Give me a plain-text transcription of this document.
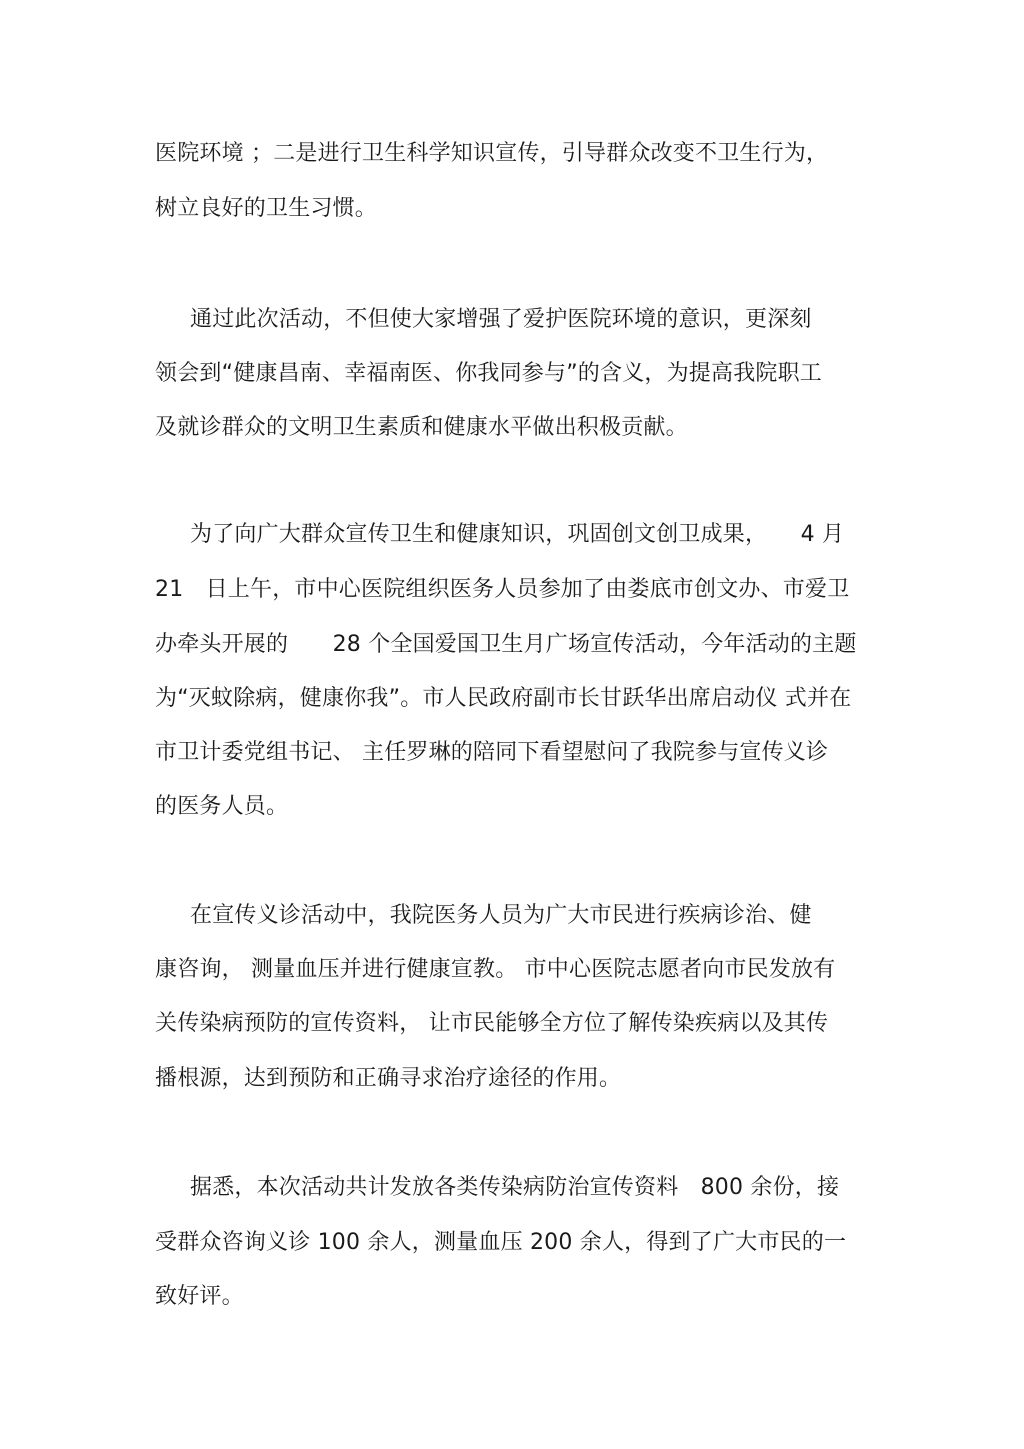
医院环境 ；二是进行卫生科学知识宣传，引导群众改变不卫生行为，

树立良好的卫生习惯。

通过此次活动，不但使大家增强了爱护医院环境的意识，更深刻

领会到“健康昌南、幸福南医、你我同参与”的含义，为提高我院职工

及就诊群众的文明卫生素质和健康水平做出积极贡献。

为了向广大群众宣传卫生和健康知识，巩固创文创卫成果，　　4 月

21　日上午，市中心医院组织医务人员参加了由娄底市创文办、市爱卫

办牵头开展的　　28 个全国爱国卫生月广场宣传活动，今年活动的主题

为“灭蚊除病，健康你我”。市人民政府副市长甘跃华出席启动仪 式并在

市卫计委党组书记、 主任罗琳的陪同下看望慰问了我院参与宣传义诊

的医务人员。

在宣传义诊活动中，我院医务人员为广大市民进行疾病诊治、健

康咨询， 测量血压并进行健康宣教。 市中心医院志愿者向市民发放有

关传染病预防的宣传资料， 让市民能够全方位了解传染疾病以及其传

播根源，达到预防和正确寻求治疗途径的作用。

据悉，本次活动共计发放各类传染病防治宣传资料　800 余份，接

受群众咨询义诊 100 余人，测量血压 200 余人，得到了广大市民的一

致好评。
